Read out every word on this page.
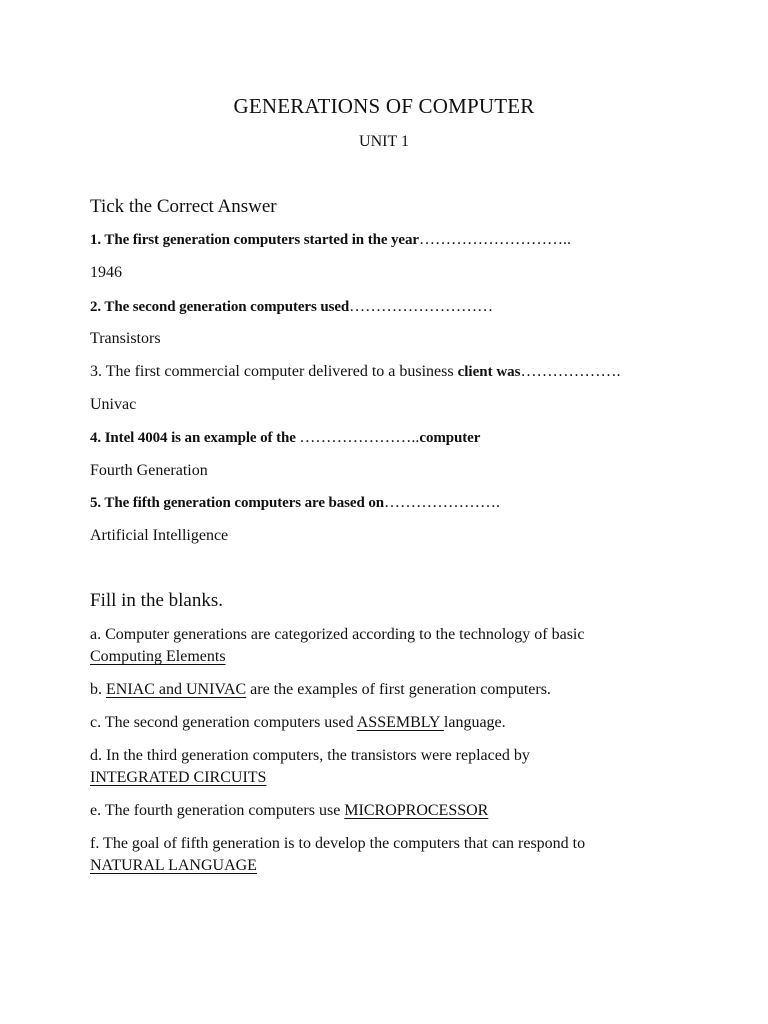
GENERATIONS OF COMPUTER
UNIT 1
Tick the Correct Answer
1. The first generation computers started in the year………………………..
1946
2. The second generation computers used………………………
Transistors
3. The first commercial computer delivered to a business client was……………….
Univac
4. Intel 4004 is an example of the …………………..computer
Fourth Generation
5. The fifth generation computers are based on………………….
Artificial Intelligence
Fill in the blanks.
a. Computer generations are categorized according to the technology of basic
Computing Elements
b. ENIAC and UNIVAC are the examples of first generation computers.
c. The second generation computers used ASSEMBLY language.
d. In the third generation computers, the transistors were replaced by
INTEGRATED CIRCUITS
e. The fourth generation computers use MICROPROCESSOR
f. The goal of fifth generation is to develop the computers that can respond to
NATURAL LANGUAGE
